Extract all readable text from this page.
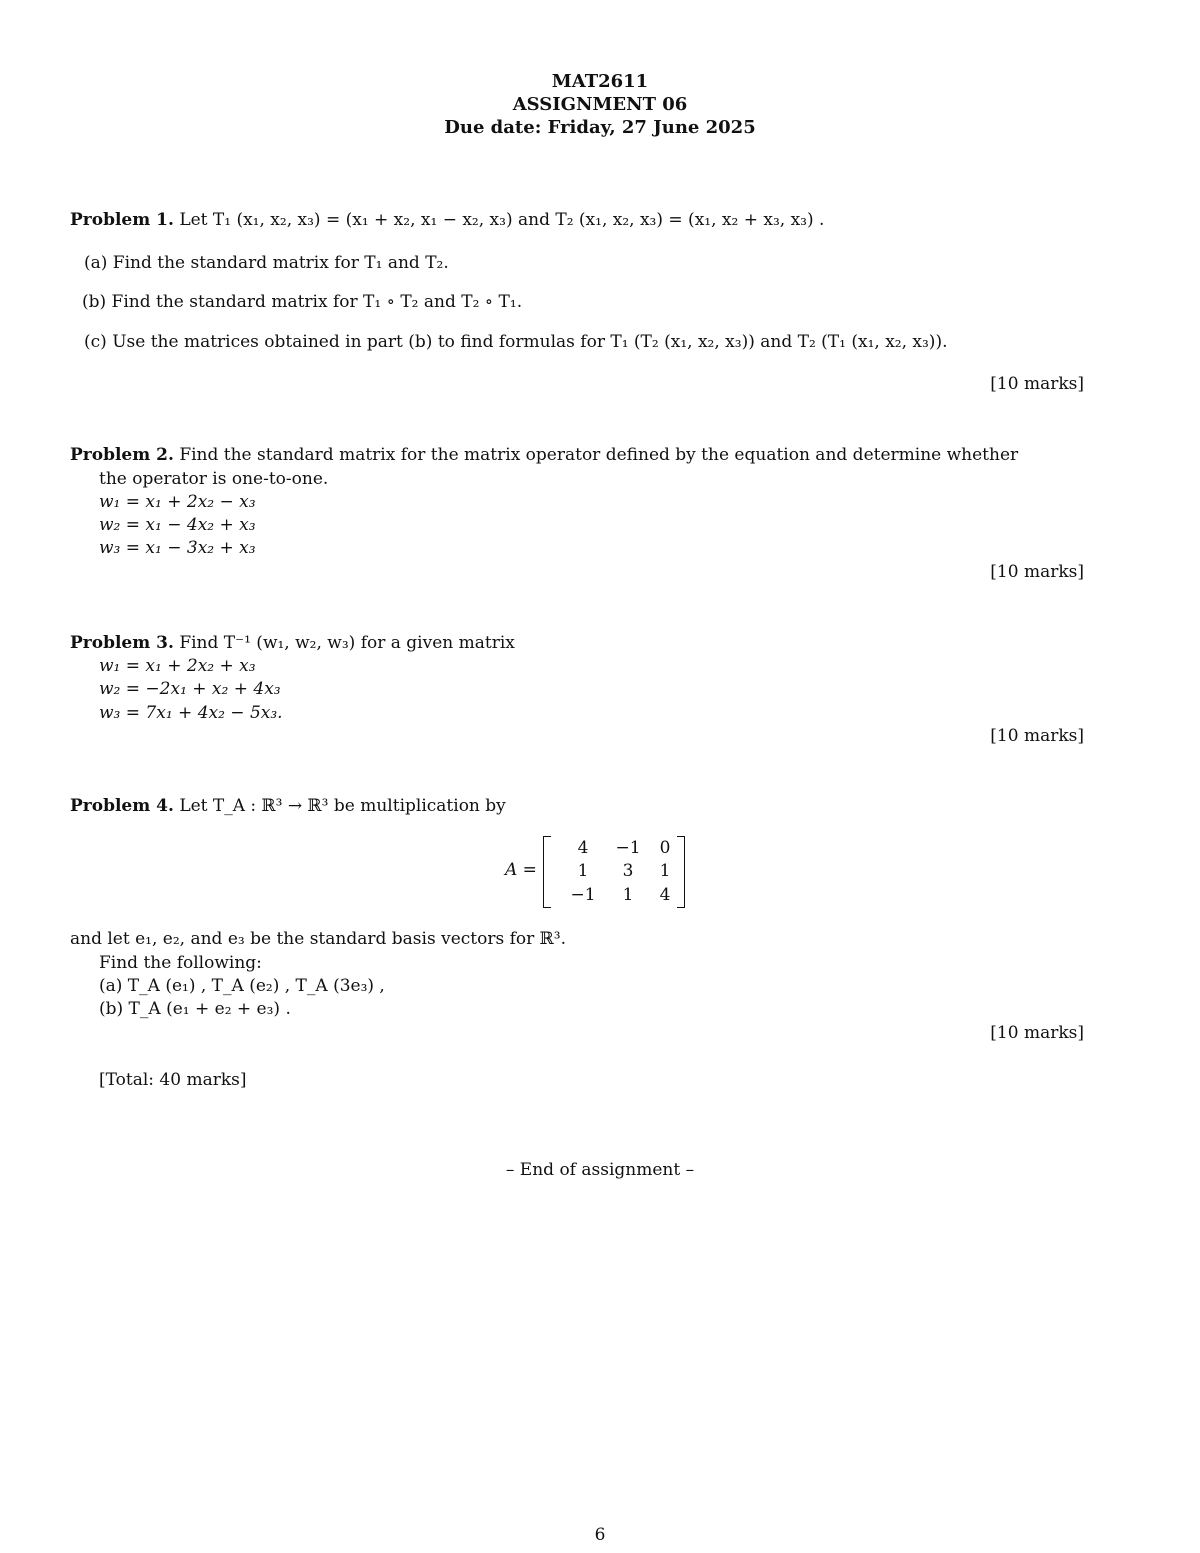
MAT2611
ASSIGNMENT 06
Due date: Friday, 27 June 2025
Problem 1. Let T₁ (x₁, x₂, x₃) = (x₁ + x₂, x₁ − x₂, x₃) and T₂ (x₁, x₂, x₃) = (x₁, x₂ + x₃, x₃) .
(a) Find the standard matrix for T₁ and T₂.
(b) Find the standard matrix for T₁ ∘ T₂ and T₂ ∘ T₁.
(c) Use the matrices obtained in part (b) to find formulas for T₁ (T₂ (x₁, x₂, x₃)) and T₂ (T₁ (x₁, x₂, x₃)).
[10 marks]
Problem 2. Find the standard matrix for the matrix operator defined by the equation and determine whether
the operator is one-to-one.
w₁ = x₁ + 2x₂ − x₃
w₂ = x₁ − 4x₂ + x₃
w₃ = x₁ − 3x₂ + x₃
[10 marks]
Problem 3. Find T⁻¹ (w₁, w₂, w₃) for a given matrix
w₁ = x₁ + 2x₂ + x₃
w₂ = −2x₁ + x₂ + 4x₃
w₃ = 7x₁ + 4x₂ − 5x₃.
[10 marks]
Problem 4. Let T_A : ℝ³ → ℝ³ be multiplication by
A =
4	−1	0
1	3	1
−1	1	4
and let e₁, e₂, and e₃ be the standard basis vectors for ℝ³.
Find the following:
(a) T_A (e₁) , T_A (e₂) , T_A (3e₃) ,
(b) T_A (e₁ + e₂ + e₃) .
[10 marks]
[Total: 40 marks]
– End of assignment –
6
